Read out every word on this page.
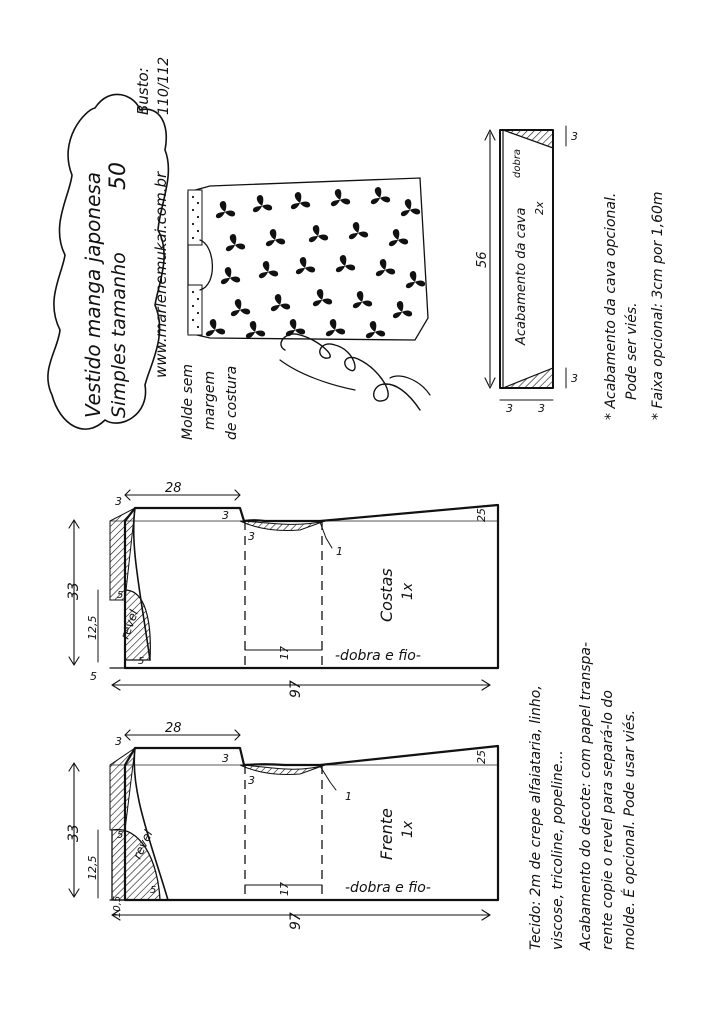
Vestido manga japonesa Simples tamanho
50
Busto: 110/112
www.marlenemukai.com.br
Molde sem margem de costura
56 Acabamento da cava
dobra
2x
3
3
3 3	* Acabamento da cava opcional. Pode ser viés. * Faixa opcional: 3cm por 1,60m
33
28
97
12,5
5
5
3
3
3
17
25
5
1
revel
Costas 1x
-dobra e fio-
33
28
97
12,5
5
5
3
3
3
17
25
10,5
1
revel	Frente 1x
-dobra e fio-	Tecido: 2m de crepe alfaiataria, linho, viscose, tricoline, popeline... Acabamento do decote: com papel transpa- rente copie o revel para separá-lo do molde. É opcional. Pode usar viés.
